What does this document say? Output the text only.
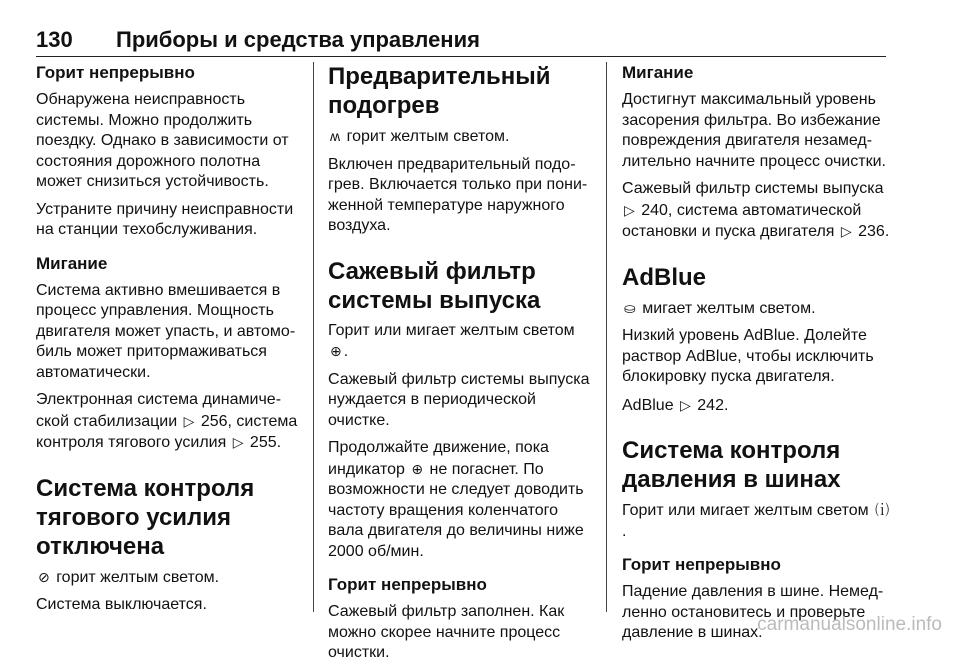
130 Приборы и средства управления
Горит непрерывно

Обнаружена неисправность системы. Можно продолжить поездку. Однако в зависимости от состояния дорожного полотна может снизиться устойчивость.

Устраните причину неисправности на станции техобслуживания.

Мигание

Система активно вмешивается в процесс управления. Мощность двигателя может упасть, и автомобиль может притормаживаться автоматически.

Электронная система динамической стабилизации ▷ 256, система контроля тягового усилия ▷ 255.

Система контроля тягового усилия отключена

⊘ горит желтым светом.

Система выключается.

Предварительный подогрев

ʍ горит желтым светом.

Включен предварительный подогрев. Включается только при пониженной температуре наружного воздуха.

Сажевый фильтр системы выпуска

Горит или мигает желтым светом ⊕ .

Сажевый фильтр системы выпуска нуждается в периодической очистке.

Продолжайте движение, пока индикатор ⊕ не погаснет. По возможности не следует доводить частоту вращения коленчатого вала двигателя до величины ниже 2000 об/мин.

Горит непрерывно

Сажевый фильтр заполнен. Как можно скорее начните процесс очистки.

Мигание

Достигнут максимальный уровень засорения фильтра. Во избежание повреждения двигателя незамедлительно начните процесс очистки.

Сажевый фильтр системы выпуска▷ 240, система автоматической остановки и пуска двигателя ▷ 236.

AdBlue

⛀ мигает желтым светом.

Низкий уровень AdBlue. Долейте раствор AdBlue, чтобы исключить блокировку пуска двигателя.

AdBlue ▷ 242.

Система контроля давления в шинах

Горит или мигает желтым светом ⒤.

Горит непрерывно

Падение давления в шине. Немедленно остановитесь и проверьте давление в шинах.

carmanualsonline.info
